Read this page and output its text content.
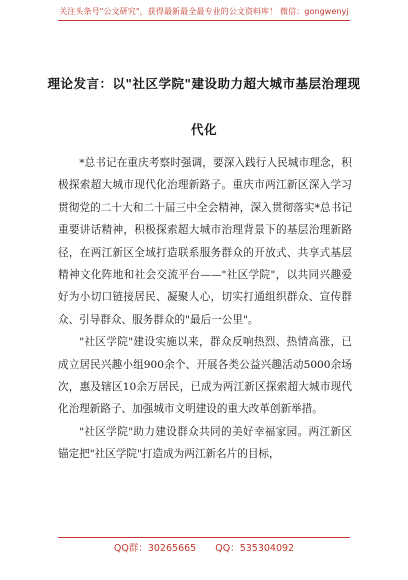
关注头条号"公文研究"，获得最新最全最专业的公文资料库！ 微信：gongwenyj
理论发言：以"社区学院"建设助力超大城市基层治理现
代化

*总书记在重庆考察时强调，要深入践行人民城市理念，积极探索超大城市现代化治理新路子。重庆市两江新区深入学习贯彻党的二十大和二十届三中全会精神，深入贯彻落实*总书记重要讲话精神，积极探索超大城市治理背景下的基层治理新路径，在两江新区全域打造联系服务群众的开放式、共享式基层精神文化阵地和社会交流平台——"社区学院"，以共同兴趣爱好为小切口链接居民、凝聚人心，切实打通组织群众、宣传群众、引导群众、服务群众的"最后一公里"。

"社区学院"建设实施以来，群众反响热烈、热情高涨，已成立居民兴趣小组900余个、开展各类公益兴趣活动5000余场次，惠及辖区10余万居民，已成为两江新区探索超大城市现代化治理新路子、加强城市文明建设的重大改革创新举措。

"社区学院"助力建设群众共同的美好幸福家园。两江新区锚定把"社区学院"打造成为两江新名片的目标，

QQ群：30265665 QQ：535304092
